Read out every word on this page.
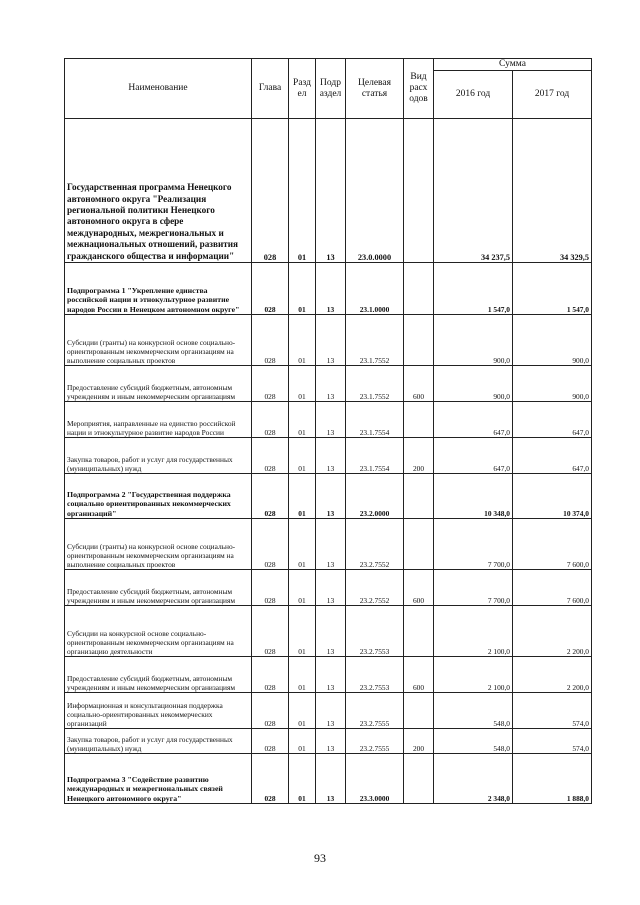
Наименование	Глава	Разд ел	Подр аздел	Целевая статья	Вид расх одов	Сумма	
						2016 год	2017 год
Государственная программа Ненецкого автономного округа "Реализация региональной политики Ненецкого автономного округа в сфере международных, межрегиональных и межнациональных отношений, развития гражданского общества и информации"	028	01	13	23.0.0000		34 237,5	34 329,5
Подпрограмма 1 "Укрепление единства российской нации и этнокультурное развитие народов России в Ненецком автономном округе"	028	01	13	23.1.0000		1 547,0	1 547,0
Субсидии (гранты) на конкурсной основе социально-ориентированным некоммерческим организациям на выполнение социальных проектов	028	01	13	23.1.7552		900,0	900,0
Предоставление субсидий бюджетным, автономным учреждениям и иным некоммерческим организациям	028	01	13	23.1.7552	600	900,0	900,0
Мероприятия, направленные на единство российской нации и этнокультурное развитие народов России	028	01	13	23.1.7554		647,0	647,0
Закупка товаров, работ и услуг для государственных (муниципальных) нужд	028	01	13	23.1.7554	200	647,0	647,0
Подпрограмма 2 "Государственная поддержка социально ориентированных некоммерческих организаций"	028	01	13	23.2.0000		10 348,0	10 374,0
Субсидии (гранты) на конкурсной основе социально-ориентированным некоммерческим организациям на выполнение социальных проектов	028	01	13	23.2.7552		7 700,0	7 600,0
Предоставление субсидий бюджетным, автономным учреждениям и иным некоммерческим организациям	028	01	13	23.2.7552	600	7 700,0	7 600,0
Субсидии на конкурсной основе социально-ориентированным некоммерческим организациям на организацию деятельности	028	01	13	23.2.7553		2 100,0	2 200,0
Предоставление субсидий бюджетным, автономным учреждениям и иным некоммерческим организациям	028	01	13	23.2.7553	600	2 100,0	2 200,0
Информационная и консультационная поддержка социально-ориентированных некоммерческих организаций	028	01	13	23.2.7555		548,0	574,0
Закупка товаров, работ и услуг для государственных (муниципальных) нужд	028	01	13	23.2.7555	200	548,0	574,0
Подпрограмма 3 "Содействие развитию международных и межрегиональных связей Ненецкого автономного округа"	028	01	13	23.3.0000		2 348,0	1 888,0
93
